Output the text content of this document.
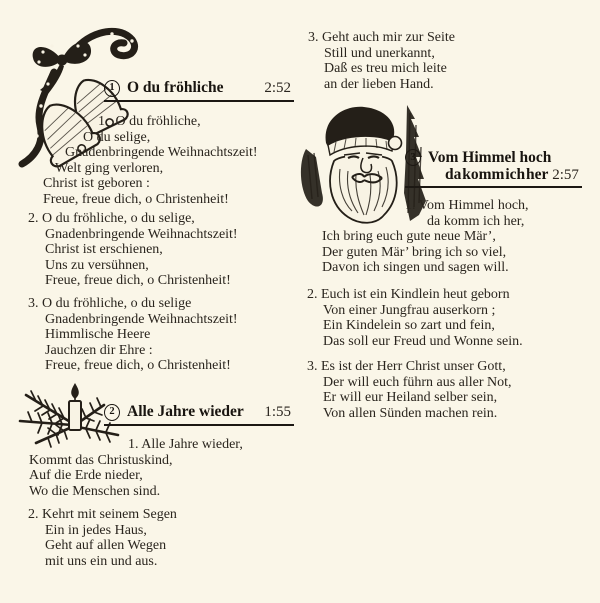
1 O du fröhliche	2:52
1.  O du fröhliche,
O du selige,
Gnadenbringende Weihnachtszeit!
Welt ging verloren,
Christ ist geboren :
Freue, freue dich, o Christenheit!
2. O du fröhliche, o du selige,
Gnadenbringende Weihnachtszeit!
Christ ist erschienen,
Uns zu versühnen,
Freue, freue dich, o Christenheit!
3. O du fröhliche, o du selige
Gnadenbringende Weihnachtszeit!
Himmlische Heere
Jauchzen dir Ehre :
Freue, freue dich, o Christenheit!
2 Alle Jahre wieder 1:55
1. Alle Jahre wieder,
Kommt das Christuskind,
Auf die Erde nieder,
Wo die Menschen sind.
2. Kehrt mit seinem Segen
Ein in jedes Haus,
Geht auf allen Wegen
mit uns ein und aus.
3. Geht auch mir zur Seite
Still und unerkannt,
Daß es treu mich leite
an der lieben Hand.
3 Vom Himmel hoch
da komm ich her 2:57
1. Vom Himmel hoch,
da komm ich her,
Ich bring euch gute neue Mär’,
Der guten Mär’ bring ich so viel,
Davon ich singen und sagen will.
2. Euch ist ein Kindlein heut geborn
Von einer Jungfrau auserkorn ;
Ein Kindelein so zart und fein,
Das soll eur Freud und Wonne sein.
3. Es ist der Herr Christ unser Gott,
Der will euch führn aus aller Not,
Er will eur Heiland selber sein,
Von allen Sünden machen rein.
